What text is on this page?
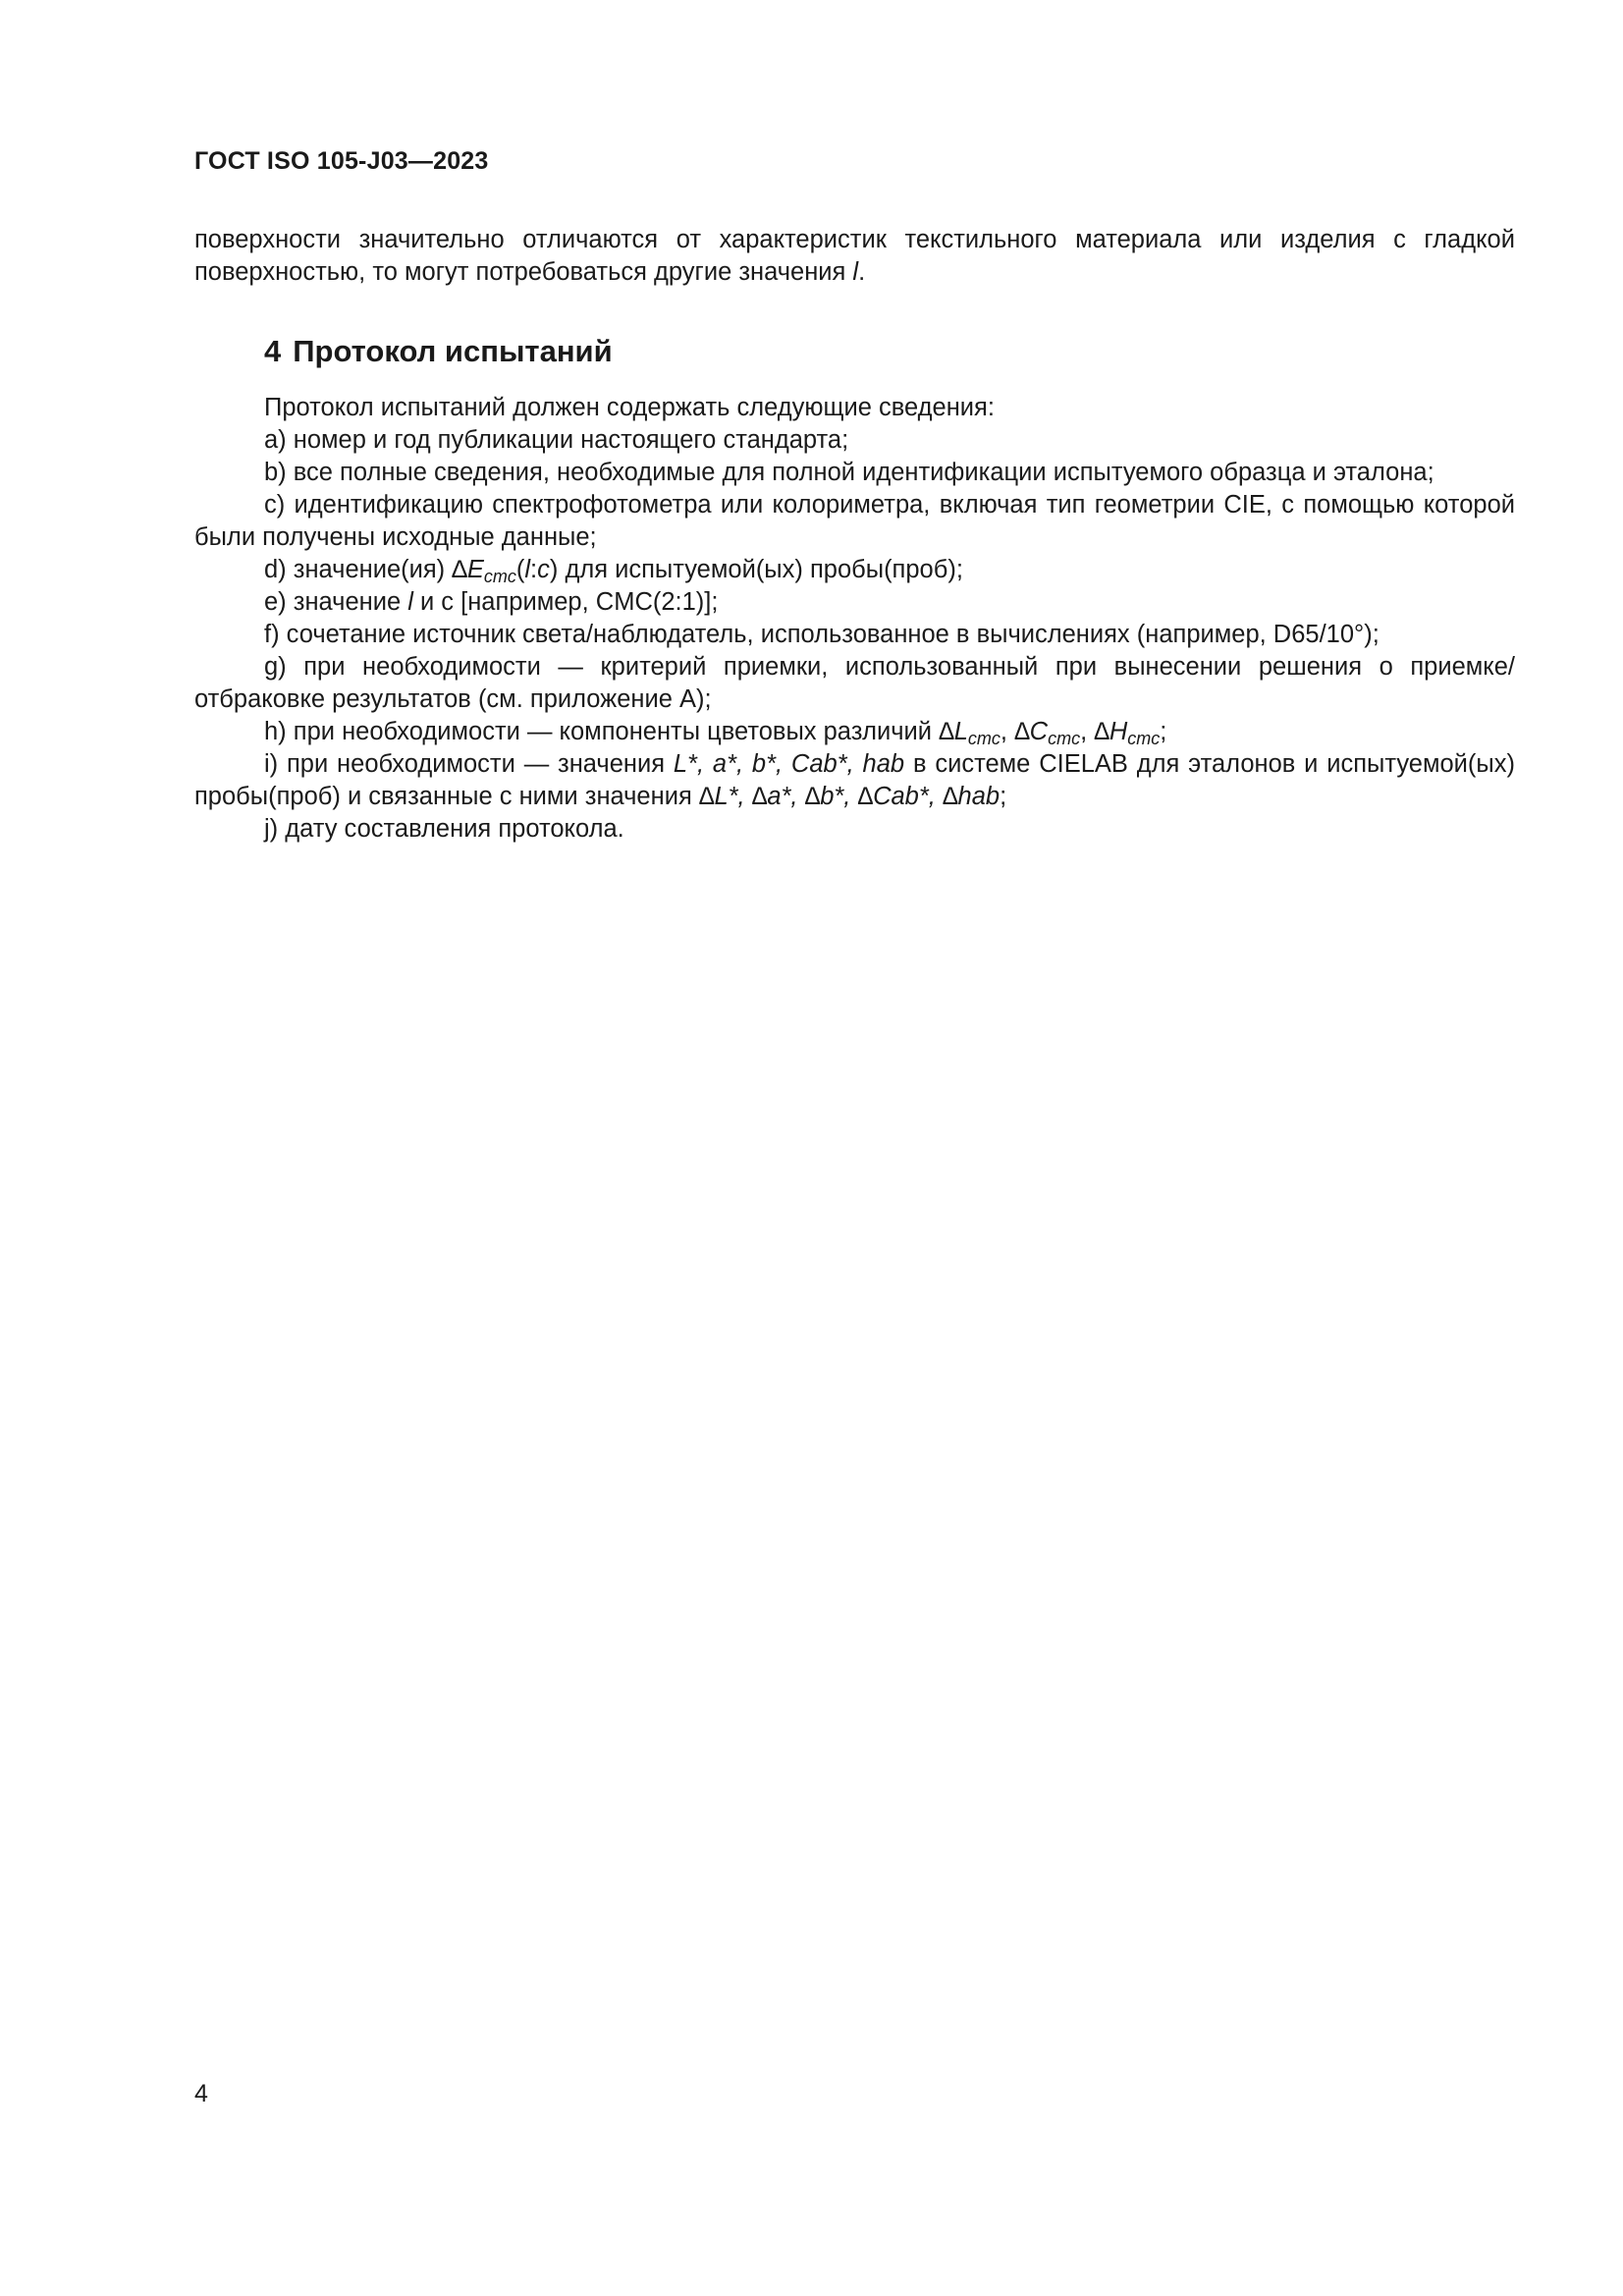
ГОСТ ISO 105-J03—2023
поверхности значительно отличаются от характеристик текстильного материала или изделия с гладкой поверхностью, то могут потребоваться другие значения l.
4 Протокол испытаний

Протокол испытаний должен содержать следующие сведения:

a) номер и год публикации настоящего стандарта;

b) все полные сведения, необходимые для полной идентификации испытуемого образца и эталона;

c) идентификацию спектрофотометра или колориметра, включая тип геометрии CIE, с помощью которой были получены исходные данные;

d) значение(ия) $\Delta E_{cmc}(l:c)$ для испытуемой(ых) пробы(проб);

e) значение l и c [например, CMC(2:1)];

f) сочетание источник света/наблюдатель, использованное в вычислениях (например, D65/10°);

g) при необходимости — критерий приемки, использованный при вынесении решения о приемке/отбраковке результатов (см. приложение A);

h) при необходимости — компоненты цветовых различий $\Delta L_{cmc}$, $\Delta C_{cmc}$, $\Delta H_{cmc}$;

i) при необходимости — значения L*, a*, b*, Cab*, hab в системе CIELAB для эталонов и испытуемой(ых) пробы(проб) и связанные с ними значения ∆L*, ∆a*, ∆b*, ∆Cab*, ∆hab;

j) дату составления протокола.

4
